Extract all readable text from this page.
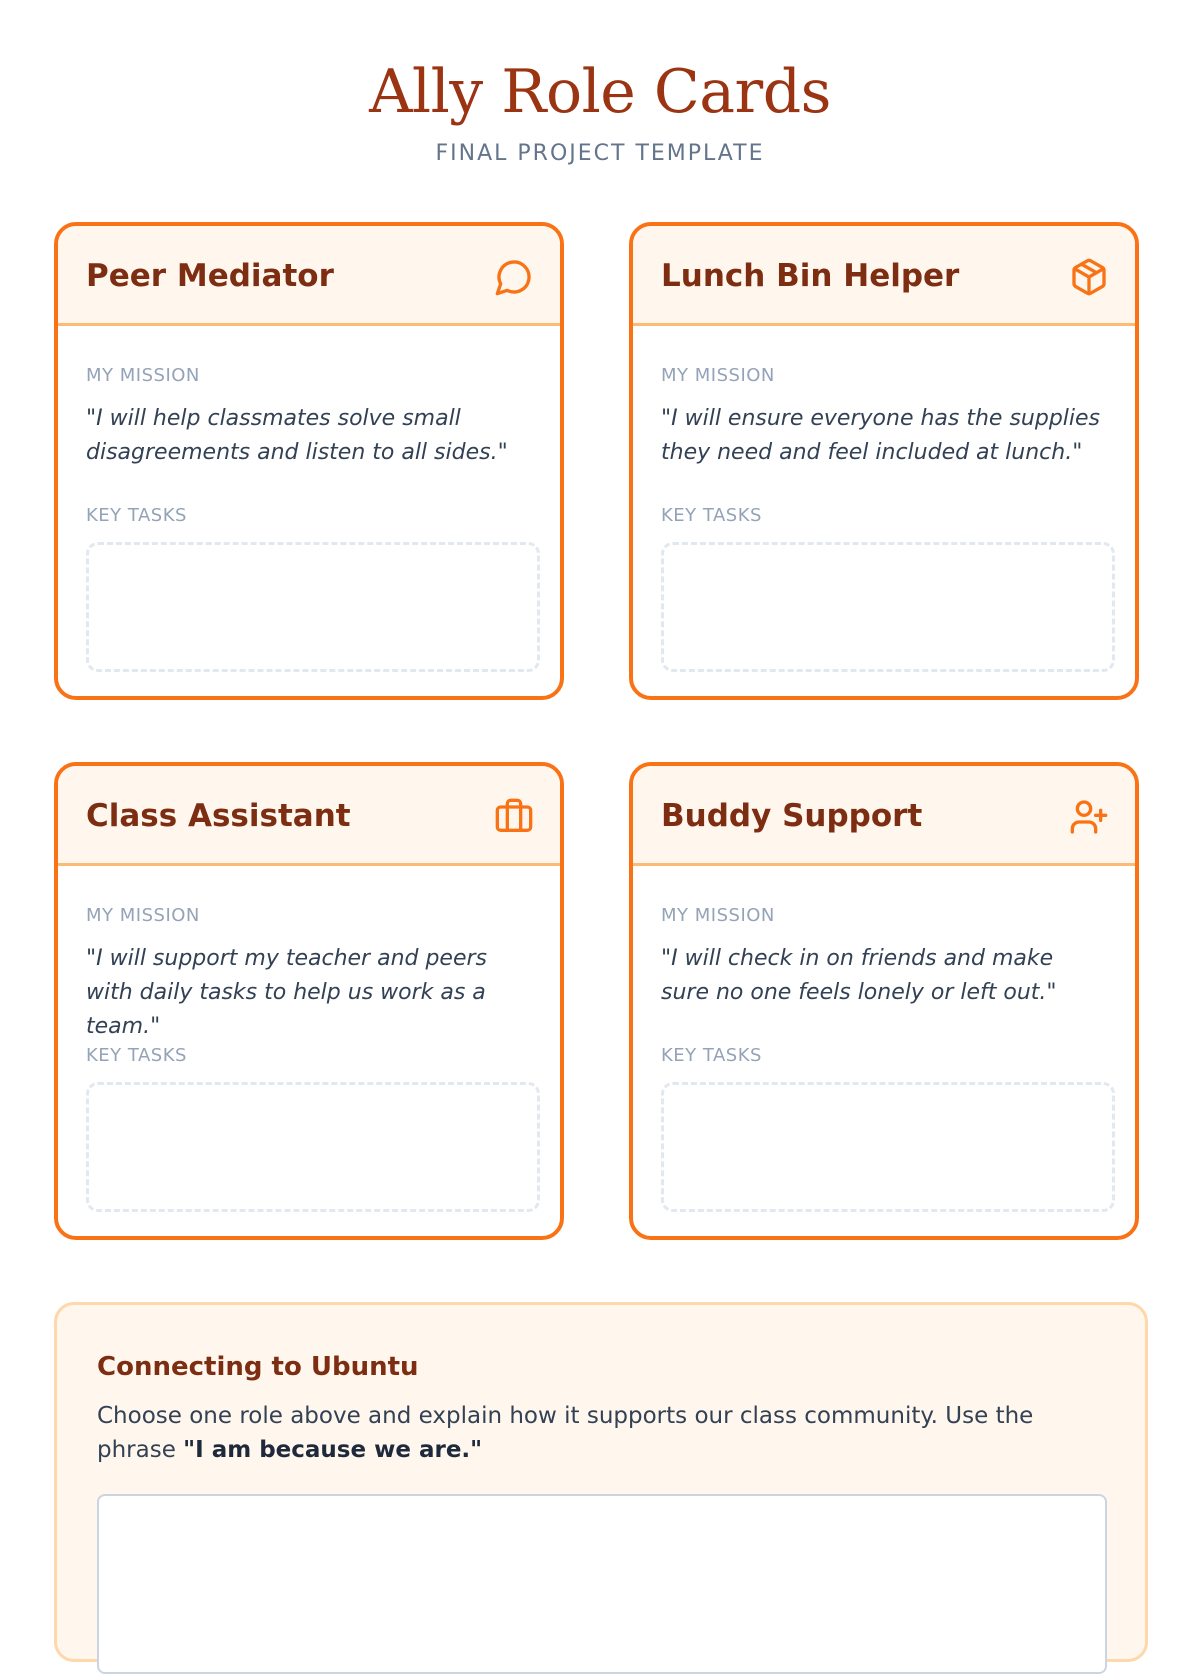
Ally Role Cards
FINAL PROJECT TEMPLATE
Peer Mediator
MY MISSION
"I will help classmates solve small disagreements and listen to all sides."
KEY TASKS
Lunch Bin Helper
MY MISSION
"I will ensure everyone has the supplies they need and feel included at lunch."
KEY TASKS
Class Assistant
MY MISSION
"I will support my teacher and peers with daily tasks to help us work as a team."
KEY TASKS
Buddy Support
MY MISSION
"I will check in on friends and make sure no one feels lonely or left out."
KEY TASKS
Connecting to Ubuntu
Choose one role above and explain how it supports our class community. Use the phrase "I am because we are."
